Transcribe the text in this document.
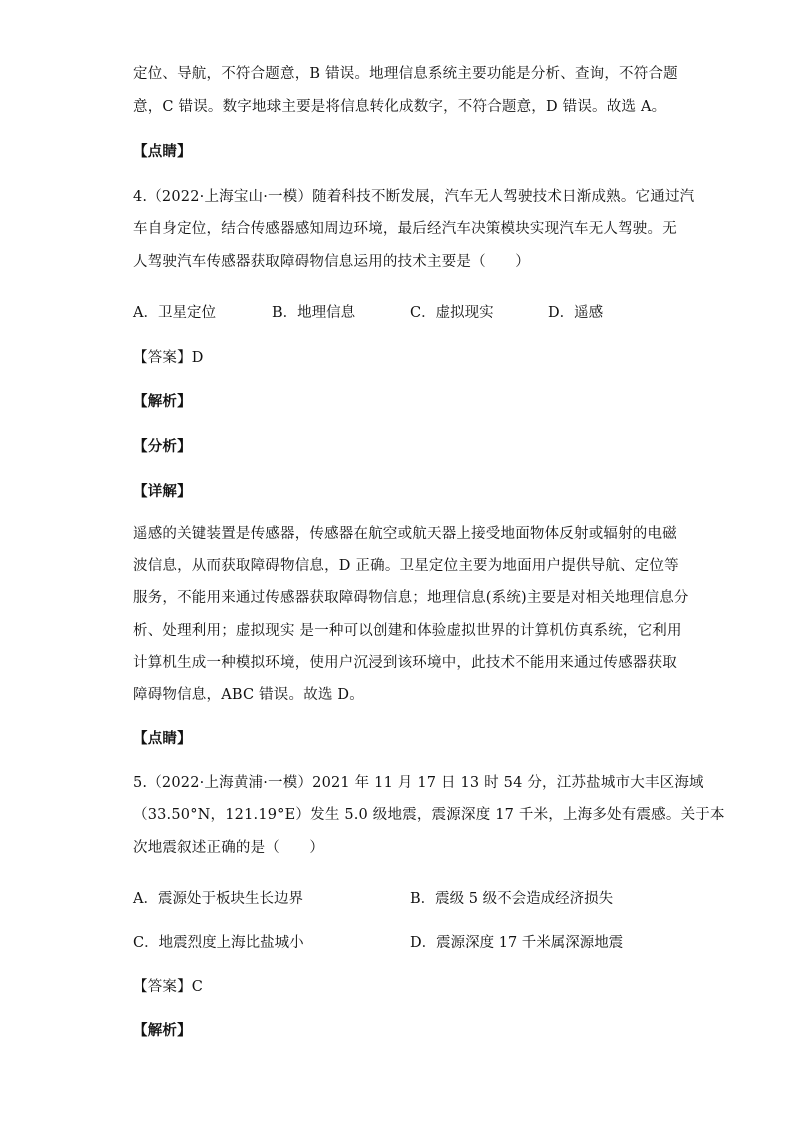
定位、导航，不符合题意，B 错误。地理信息系统主要功能是分析、查询，不符合题
意，C 错误。数字地球主要是将信息转化成数字，不符合题意，D 错误。故选 A。
【点睛】
4.（2022·上海宝山·一模）随着科技不断发展，汽车无人驾驶技术日渐成熟。它通过汽
车自身定位，结合传感器感知周边环境，最后经汽车决策模块实现汽车无人驾驶。无
人驾驶汽车传感器获取障碍物信息运用的技术主要是（　　）
A．卫星定位	B．地理信息	C．虚拟现实	D．遥感
【答案】D
【解析】
【分析】
【详解】
遥感的关键装置是传感器，传感器在航空或航天器上接受地面物体反射或辐射的电磁
波信息，从而获取障碍物信息，D 正确。卫星定位主要为地面用户提供导航、定位等
服务，不能用来通过传感器获取障碍物信息；地理信息(系统)主要是对相关地理信息分
析、处理利用；虚拟现实 是一种可以创建和体验虚拟世界的计算机仿真系统，它利用
计算机生成一种模拟环境，使用户沉浸到该环境中，此技术不能用来通过传感器获取
障碍物信息，ABC 错误。故选 D。
【点睛】
5.（2022·上海黄浦·一模）2021 年 11 月 17 日 13 时 54 分，江苏盐城市大丰区海域
（33.50°N，121.19°E）发生 5.0 级地震，震源深度 17 千米，上海多处有震感。关于本
次地震叙述正确的是（　　）
A．震源处于板块生长边界	B．震级 5 级不会造成经济损失
C．地震烈度上海比盐城小	D．震源深度 17 千米属深源地震
【答案】C
【解析】
